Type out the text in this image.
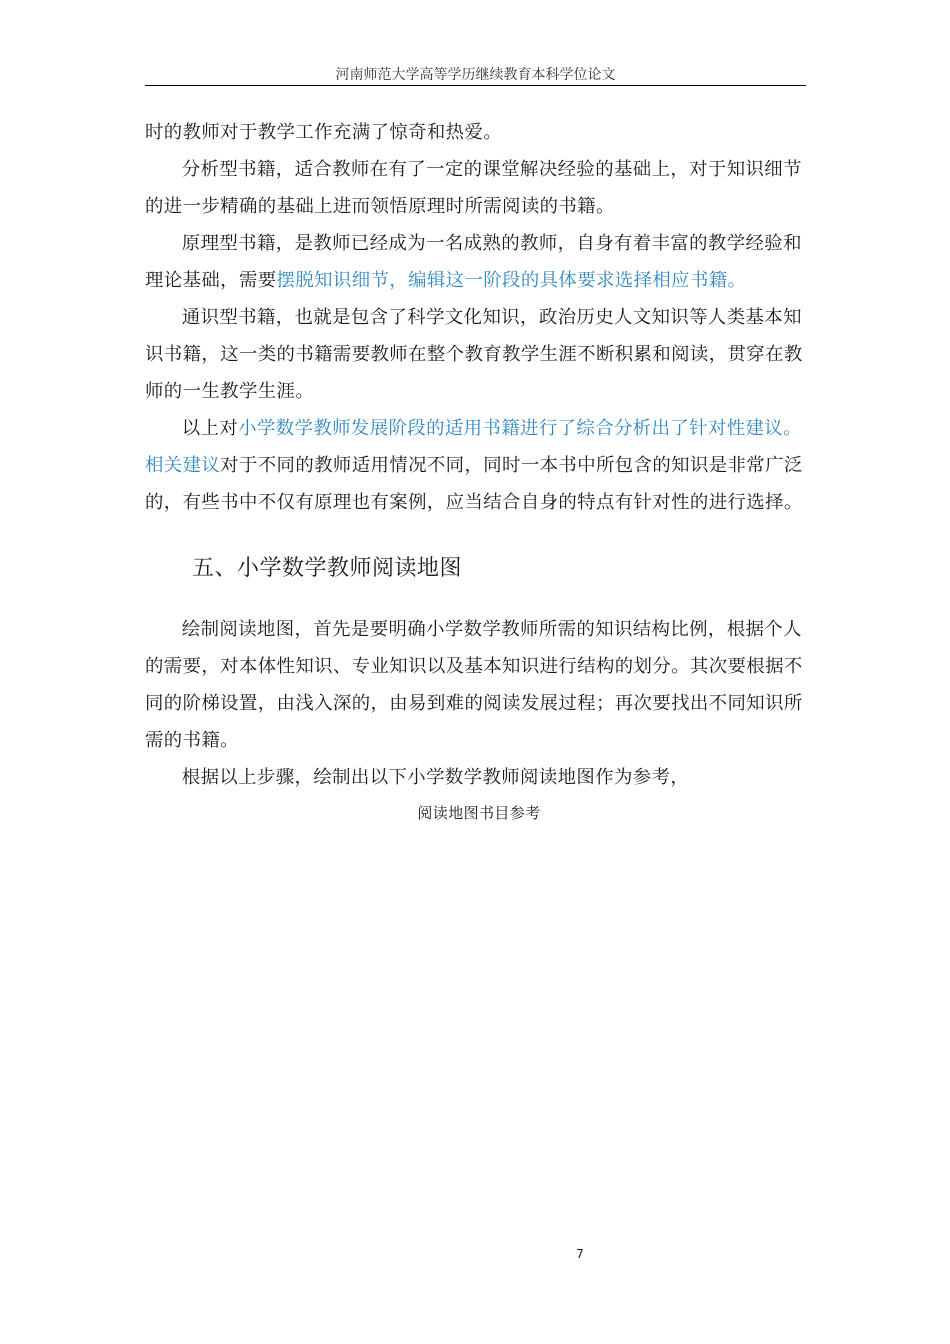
河南师范大学高等学历继续教育本科学位论文

时的教师对于教学工作充满了惊奇和热爱。

分析型书籍，适合教师在有了一定的课堂解决经验的基础上，对于知识细节的进一步精确的基础上进而领悟原理时所需阅读的书籍。

原理型书籍，是教师已经成为一名成熟的教师，自身有着丰富的教学经验和理论基础，需要摆脱知识细节，编辑这一阶段的具体要求选择相应书籍。

通识型书籍，也就是包含了科学文化知识，政治历史人文知识等人类基本知识书籍，这一类的书籍需要教师在整个教育教学生涯不断积累和阅读，贯穿在教师的一生教学生涯。

以上对小学数学教师发展阶段的适用书籍进行了综合分析出了针对性建议。相关建议对于不同的教师适用情况不同，同时一本书中所包含的知识是非常广泛的，有些书中不仅有原理也有案例，应当结合自身的特点有针对性的进行选择。

五、小学数学教师阅读地图

绘制阅读地图，首先是要明确小学数学教师所需的知识结构比例，根据个人的需要，对本体性知识、专业知识以及基本知识进行结构的划分。其次要根据不同的阶梯设置，由浅入深的，由易到难的阅读发展过程；再次要找出不同知识所需的书籍。

根据以上步骤，绘制出以下小学数学教师阅读地图作为参考，

阅读地图书目参考

7
